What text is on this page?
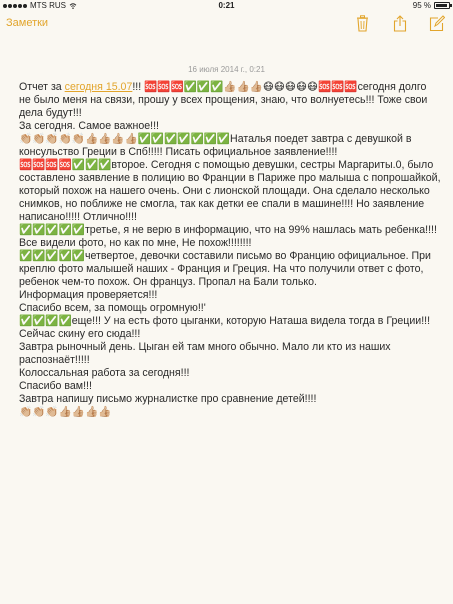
MTS RUS	0:21	95 %
Заметки
16 июля 2014 г., 0:21

Отчет за сегодня 15.07!!! 🆘🆘🆘✅✅✅👍🏼👍🏼👍🏼😷😷😷😷😷🆘🆘🆘сегодня долго не было меня на связи, прошу у всех прощения, знаю, что волнуетесь!!! Тоже свои дела будут!!!

За сегодня. Самое важное!!!

👏🏼👏🏼👏🏼👏🏼👏🏼👍🏼👍🏼👍🏼👍🏼✅✅✅✅✅✅✅Наталья поедет завтра с девушкой в консульство Греции в Спб!!!!! Писать официальное заявление!!!!

🆘🆘🆘🆘✅✅✅второе. Сегодня с помощью девушки, сестры Маргариты.0, было составлено заявление в полицию во Франции в Париже про малыша с попрошайкой, который похож на нашего очень. Они с лионской площади. Она сделало несколько снимков, но поближе не смогла, так как детки ее спали в машине!!!! Но заявление написано!!!!! Отлично!!!!

✅✅✅✅✅третье, я не верю в информацию, что на 99% нашлась мать ребенка!!!! Все видели фото, но как по мне, Не похож!!!!!!!!

✅✅✅✅✅четвертое, девочки составили письмо во Францию официальное. При креплю фото малышей наших - Франция и Греция. На что получили ответ с фото, ребенок чем-то похож. Он француз. Пропал на Бали только.

Информация проверяется!!!

Спасибо всем, за помощь огромную!!'

✅✅✅✅еще!!! У на есть фото цыганки, которую Наташа видела тогда в Греции!!!

Сейчас скину его сюда!!!

Завтра рыночный день. Цыган ей там много обычно. Мало ли кто из наших распознаёт!!!!!

Колоссальная работа за сегодня!!!

Спасибо вам!!!

Завтра напишу письмо журналистке про сравнение детей!!!!

👏🏼👏🏼👏🏼👍🏼👍🏼👍🏼👍🏼
